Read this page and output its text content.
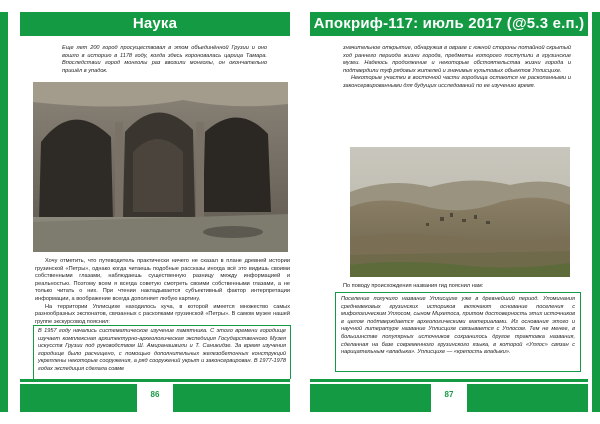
Наука
Еще лет 200 город просуществовал в этом объединённой Грузии и оно вошло в историю в 1178 году, когда здесь короновалась царица Тамара. Впоследствии город монголы раз ввозили монголы, он окончательно пришёл в упадок.

Хочу отметить, что путеводитель практически ничего не сказал в плане древней истории грузинской «Петры», однако когда читаешь подобные рассказы иногда всё это видишь своими собственными глазами, наблюдаешь существенную разницу между информацией и реальностью. Поэтому всем я всегда советую смотреть своими собственными глазами, а не только читать о них. При чтении накладывается субъективный фактор интерпретации информации, а воображение всегда дополняет любую картину.

На территории Уплисцихе находилось куча, в которой имеется множество самых разнообразных экспонатов, связанных с раскопками грузинской «Петры». В самом музее нашей группе экскурсовод пояснил:

В 1957 году начались систематическое изучение памятника. С этого времени городище изучает комплексная архитектурно-археологическая экспедиция Государственного Музея искусств Грузии под руководством Ш. Амиранашвили и Т. Саникидзе. За время изучения городище было расчищено, с помощью дополнительных железобетонных конструкций укреплены некоторые сооружения, а ряд сооружений укрыт и законсервирован. В 1977-1978 годах экспедиция сделала совме
86
Апокриф-117: июль 2017 (@5.3 е.п.)

значительное открытие, обнаружив в овраге с южной стороны потайной скрытый ход раннего периода жизни города, предметы которого поступили в грузинские музеи. Надеюсь продолжение и некоторые обстоятельства жизни города и подтвердили туф рядовых жителей и значимых культовых объектов Уплисцихе.

Некоторые участки в восточной части городища остаются не раскопанными и законсервированными для будущих исследований по ее изучению время.

По поводу происхождения названия гид пояснил нам:
Поселение получило название Уплисцихе уже в древнейший период. Упоминания средневековых грузинских историков включают основание поселения с мифологическим Уплосом, сыном Мцхетоса, притом достоверность этих источников в целом подтверждается археологическими материалами. Из основания этого и научной литературе название Уплисцихе связывается с Уплосом. Тем не менее, в большинстве популярных источников сохранилось другое трактовка названия, сделанная на базе современного грузинского языка, в которой «Уплос» связан с нарицательным «владыка». Уплисцихе — «крепость владыки».
87
